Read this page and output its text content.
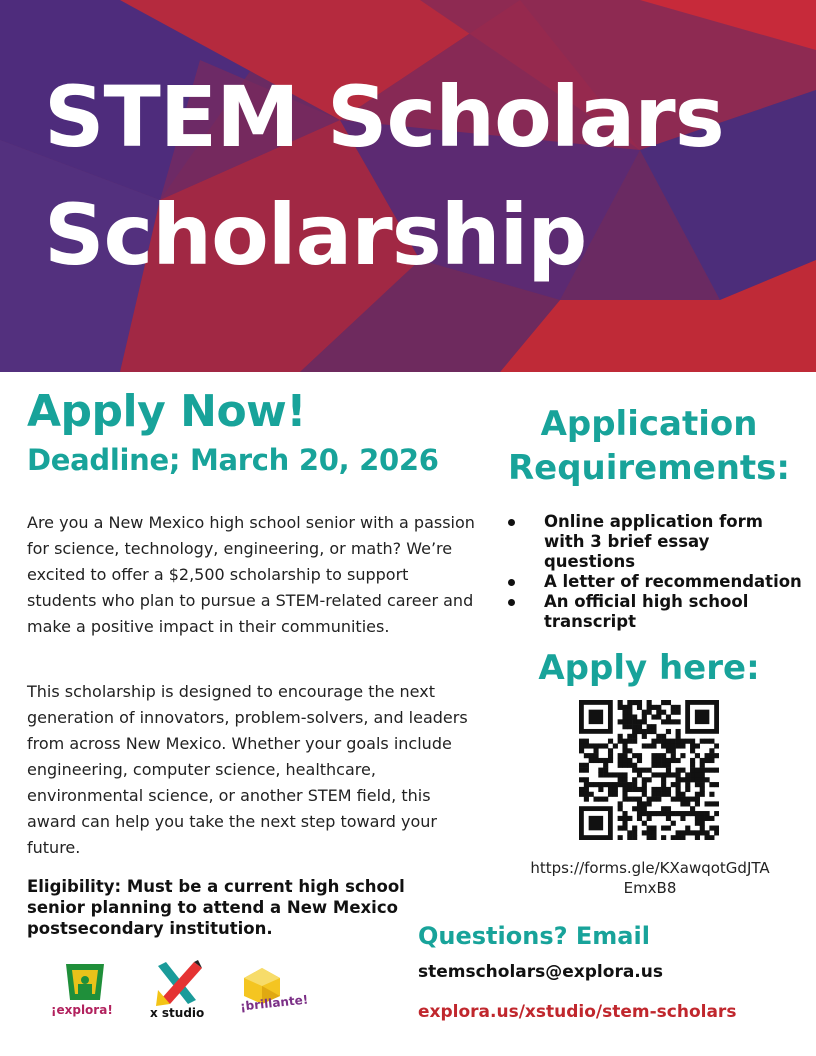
STEM Scholars
Scholarship
Apply Now!
Deadline; March 20, 2026

Are you a New Mexico high school senior with a passion for science, technology, engineering, or math? We’re excited to offer a $2,500 scholarship to support students who plan to pursue a STEM-related career and make a positive impact in their communities.

This scholarship is designed to encourage the next generation of innovators, problem-solvers, and leaders from across New Mexico. Whether your goals include engineering, computer science, healthcare, environmental science, or another STEM field, this award can help you take the next step toward your future.

Eligibility: Must be a current high school senior planning to attend a New Mexico postsecondary institution.

¡explora!	x studio	¡brillante!
Application Requirements:
Online application form with 3 brief essay questions
A letter of recommendation
An official high school transcript
Apply here:

https://forms.gle/KXawqotGdJTAEmxB8

Questions? Email

stemscholars@explora.us

explora.us/xstudio/stem-scholars
